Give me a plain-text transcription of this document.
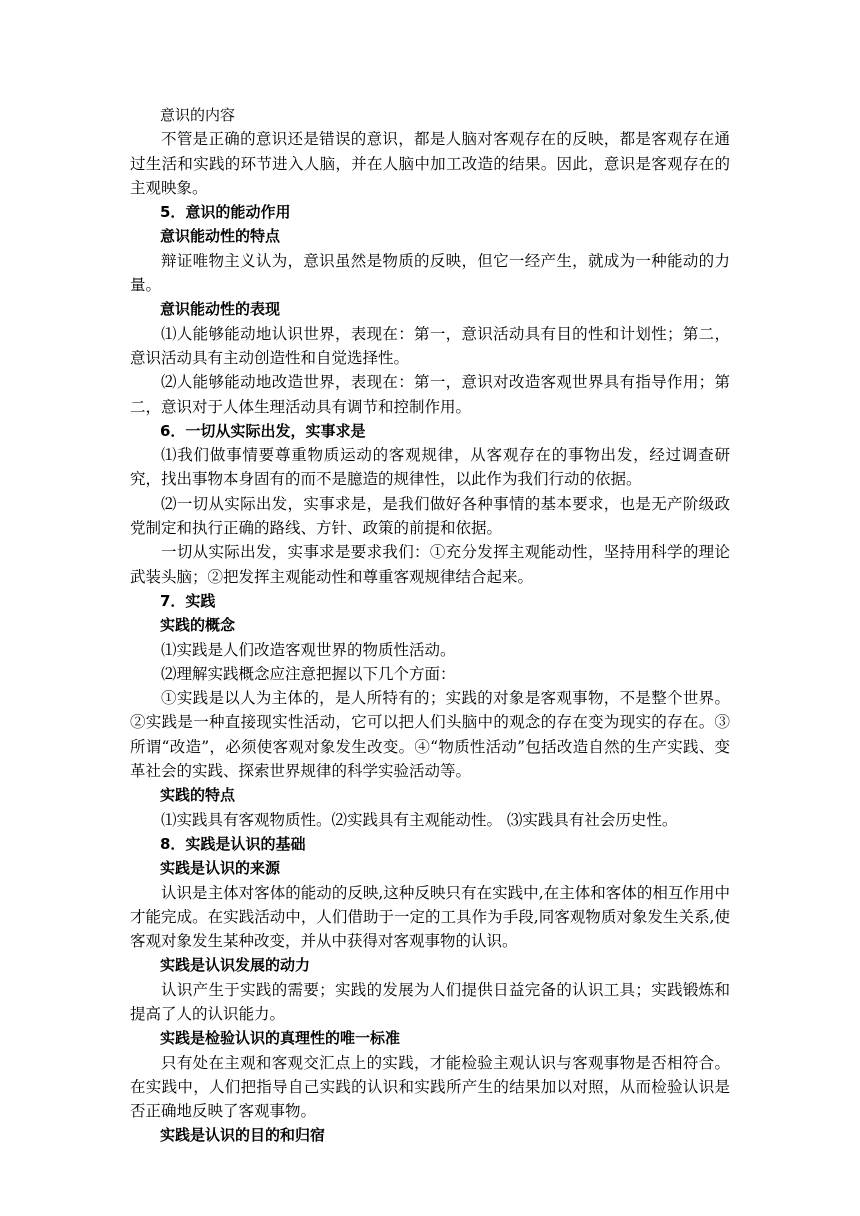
意识的内容

不管是正确的意识还是错误的意识，都是人脑对客观存在的反映，都是客观存在通过生活和实践的环节进入人脑，并在人脑中加工改造的结果。因此，意识是客观存在的主观映象。

5．意识的能动作用

意识能动性的特点

辩证唯物主义认为，意识虽然是物质的反映，但它一经产生，就成为一种能动的力量。

意识能动性的表现

⑴人能够能动地认识世界，表现在：第一，意识活动具有目的性和计划性；第二，意识活动具有主动创造性和自觉选择性。

⑵人能够能动地改造世界，表现在：第一，意识对改造客观世界具有指导作用；第二，意识对于人体生理活动具有调节和控制作用。

6．一切从实际出发，实事求是

⑴我们做事情要尊重物质运动的客观规律，从客观存在的事物出发，经过调查研究，找出事物本身固有的而不是臆造的规律性，以此作为我们行动的依据。

⑵一切从实际出发，实事求是，是我们做好各种事情的基本要求，也是无产阶级政党制定和执行正确的路线、方针、政策的前提和依据。

一切从实际出发，实事求是要求我们：①充分发挥主观能动性，坚持用科学的理论武装头脑；②把发挥主观能动性和尊重客观规律结合起来。

7．实践

实践的概念

⑴实践是人们改造客观世界的物质性活动。

⑵理解实践概念应注意把握以下几个方面：

①实践是以人为主体的，是人所特有的；实践的对象是客观事物，不是整个世界。②实践是一种直接现实性活动，它可以把人们头脑中的观念的存在变为现实的存在。③所谓“改造”，必须使客观对象发生改变。④“物质性活动”包括改造自然的生产实践、变革社会的实践、探索世界规律的科学实验活动等。

实践的特点

⑴实践具有客观物质性。⑵实践具有主观能动性。 ⑶实践具有社会历史性。

8．实践是认识的基础

实践是认识的来源

认识是主体对客体的能动的反映,这种反映只有在实践中,在主体和客体的相互作用中才能完成。在实践活动中，人们借助于一定的工具作为手段,同客观物质对象发生关系,使客观对象发生某种改变，并从中获得对客观事物的认识。

实践是认识发展的动力

认识产生于实践的需要；实践的发展为人们提供日益完备的认识工具；实践锻炼和提高了人的认识能力。

实践是检验认识的真理性的唯一标准

只有处在主观和客观交汇点上的实践，才能检验主观认识与客观事物是否相符合。在实践中，人们把指导自己实践的认识和实践所产生的结果加以对照，从而检验认识是否正确地反映了客观事物。

实践是认识的目的和归宿
